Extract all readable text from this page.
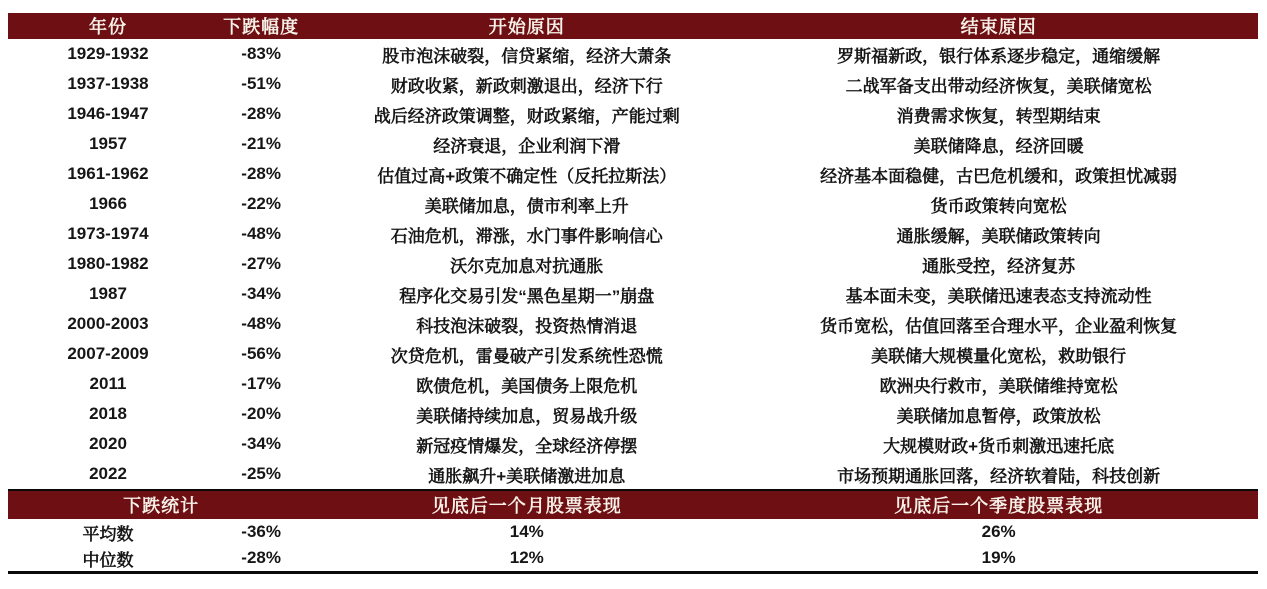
年份	下跌幅度	开始原因	结束原因
1929-1932	-83%	股市泡沫破裂，信贷紧缩，经济大萧条	罗斯福新政，银行体系逐步稳定，通缩缓解
1937-1938	-51%	财政收紧，新政刺激退出，经济下行	二战军备支出带动经济恢复，美联储宽松
1946-1947	-28%	战后经济政策调整，财政紧缩，产能过剩	消费需求恢复，转型期结束
1957	-21%	经济衰退，企业利润下滑	美联储降息，经济回暖
1961-1962	-28%	估值过高+政策不确定性（反托拉斯法）	经济基本面稳健，古巴危机缓和，政策担忧减弱
1966	-22%	美联储加息，债市利率上升	货币政策转向宽松
1973-1974	-48%	石油危机，滞涨，水门事件影响信心	通胀缓解，美联储政策转向
1980-1982	-27%	沃尔克加息对抗通胀	通胀受控，经济复苏
1987	-34%	程序化交易引发“黑色星期一”崩盘	基本面未变，美联储迅速表态支持流动性
2000-2003	-48%	科技泡沫破裂，投资热情消退	货币宽松，估值回落至合理水平，企业盈利恢复
2007-2009	-56%	次贷危机，雷曼破产引发系统性恐慌	美联储大规模量化宽松，救助银行
2011	-17%	欧债危机，美国债务上限危机	欧洲央行救市，美联储维持宽松
2018	-20%	美联储持续加息，贸易战升级	美联储加息暂停，政策放松
2020	-34%	新冠疫情爆发，全球经济停摆	大规模财政+货币刺激迅速托底
2022	-25%	通胀飙升+美联储激进加息	市场预期通胀回落，经济软着陆，科技创新
下跌统计		见底后一个月股票表现	见底后一个季度股票表现
平均数	-36%	14%	26%
中位数	-28%	12%	19%
